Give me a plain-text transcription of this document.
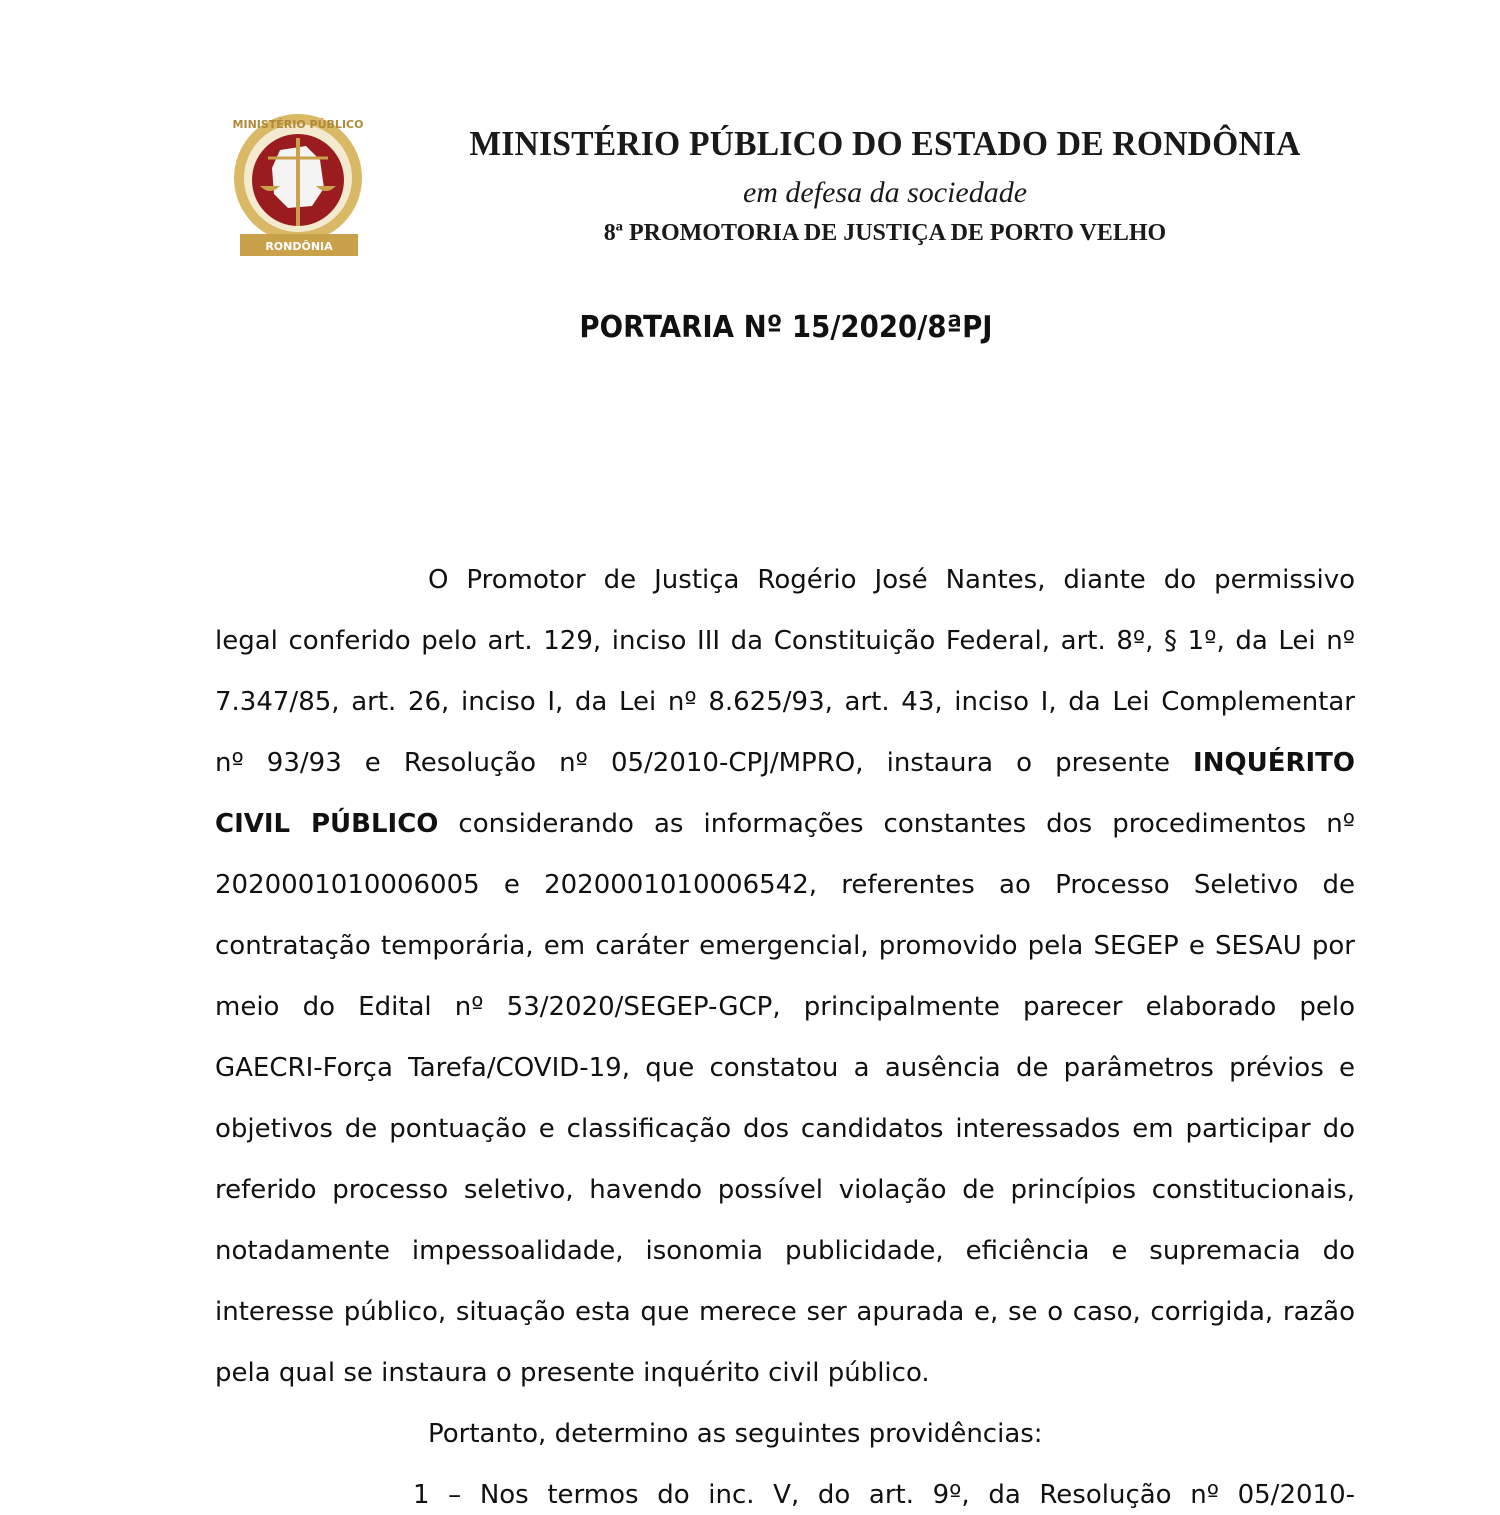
MINISTÉRIO PÚBLICO
RONDÔNIA
MINISTÉRIO PÚBLICO DO ESTADO DE RONDÔNIA
em defesa da sociedade
8ª PROMOTORIA DE JUSTIÇA DE PORTO VELHO
PORTARIA Nº 15/2020/8ªPJ
O Promotor de Justiça Rogério José Nantes, diante do permissivo
legal conferido pelo art. 129, inciso III da Constituição Federal, art. 8º, § 1º, da Lei nº
7.347/85, art. 26, inciso I, da Lei nº 8.625/93, art. 43, inciso I, da Lei Complementar
nº 93/93 e Resolução nº 05/2010-CPJ/MPRO, instaura o presente INQUÉRITO
CIVIL PÚBLICO considerando as informações constantes dos procedimentos nº
2020001010006005 e 2020001010006542, referentes ao Processo Seletivo de
contratação temporária, em caráter emergencial, promovido pela SEGEP e SESAU por
meio do Edital nº 53/2020/SEGEP-GCP, principalmente parecer elaborado pelo
GAECRI-Força Tarefa/COVID-19, que constatou a ausência de parâmetros prévios e
objetivos de pontuação e classificação dos candidatos interessados em participar do
referido processo seletivo, havendo possível violação de princípios constitucionais,
notadamente impessoalidade, isonomia publicidade, eficiência e supremacia do
interesse público, situação esta que merece ser apurada e, se o caso, corrigida, razão
pela qual se instaura o presente inquérito civil público.
Portanto, determino as seguintes providências:
1 – Nos termos do inc. V, do art. 9º, da Resolução nº 05/2010-
